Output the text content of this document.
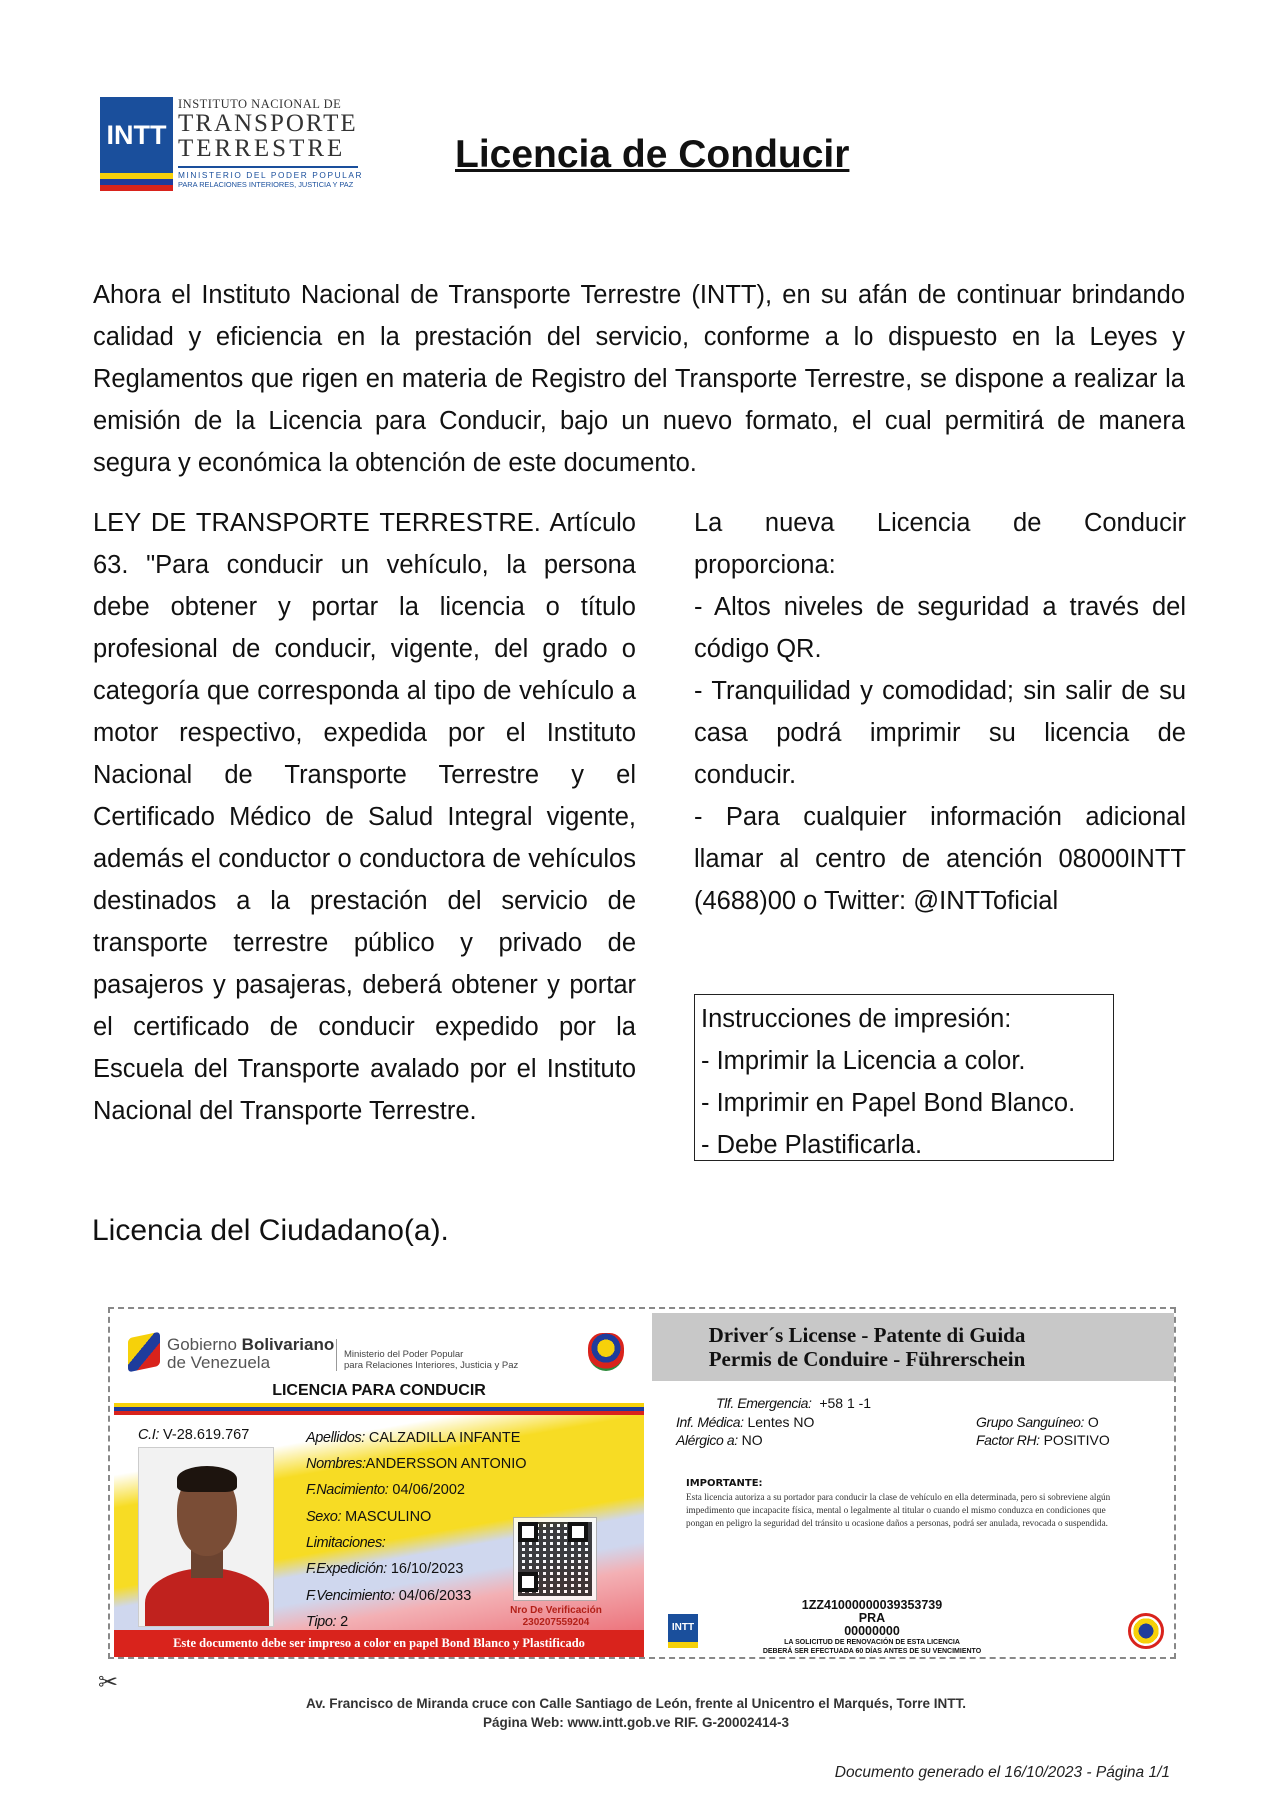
INTT
INSTITUTO NACIONAL DE
TRANSPORTE
TERRESTRE
MINISTERIO DEL PODER POPULAR
PARA RELACIONES INTERIORES, JUSTICIA Y PAZ
Licencia de Conducir

Ahora el Instituto Nacional de Transporte Terrestre (INTT), en su afán de continuar brindando calidad y eficiencia en la prestación del servicio, conforme a lo dispuesto en la Leyes y Reglamentos que rigen en materia de Registro del Transporte Terrestre, se dispone a realizar la emisión de la Licencia para Conducir, bajo un nuevo formato, el cual permitirá de manera segura y económica la obtención de este documento.

LEY DE TRANSPORTE TERRESTRE. Artículo 63. "Para conducir un vehículo, la persona debe obtener y portar la licencia o título profesional de conducir, vigente, del grado o categoría que corresponda al tipo de vehículo a motor respectivo, expedida por el Instituto Nacional de Transporte Terrestre y el Certificado Médico de Salud Integral vigente, además el conductor o conductora de vehículos destinados a la prestación del servicio de transporte terrestre público y privado de pasajeros y pasajeras, deberá obtener y portar el certificado de conducir expedido por la Escuela del Transporte avalado por el Instituto Nacional del Transporte Terrestre.

La nueva Licencia de Conducir proporciona:

- Altos niveles de seguridad a través del código QR.

- Tranquilidad y comodidad; sin salir de su casa podrá imprimir su licencia de conducir.

- Para cualquier información adicional llamar al centro de atención 08000INTT (4688)00 o Twitter: @INTToficial

Instrucciones de impresión:
- Imprimir la Licencia a color.
- Imprimir en Papel Bond Blanco.
- Debe Plastificarla.
Licencia del Ciudadano(a).
Gobierno Bolivariano
de Venezuela	Ministerio del Poder Popular
para Relaciones Interiores, Justicia y Paz
LICENCIA PARA CONDUCIR
C.I: V-28.619.767	Apellidos: CALZADILLA INFANTE
Nombres:ANDERSSON ANTONIO
F.Nacimiento: 04/06/2002
Sexo: MASCULINO
Limitaciones:
F.Expedición: 16/10/2023
F.Vencimiento: 04/06/2033
Tipo: 2
Nro De Verificación
230207559204
Este documento debe ser impreso a color en papel Bond Blanco y Plastificado
Driver´s License - Patente di Guida
Permis de Conduire - Führerschein
Tlf. Emergencia: +58 1 -1
Inf. Médica: Lentes NO
Alérgico a: NO
Grupo Sanguíneo: O
Factor RH: POSITIVO
IMPORTANTE:
Esta licencia autoriza a su portador para conducir la clase de vehículo en ella determinada, pero si sobreviene algún impedimento que incapacite física, mental o legalmente al titular o cuando el mismo conduzca en condiciones que pongan en peligro la seguridad del tránsito u ocasione daños a personas, podrá ser anulada, revocada o suspendida.
INTT
1ZZ41000000039353739
PRA
00000000
LA SOLICITUD DE RENOVACIÓN DE ESTA LICENCIA
DEBERÁ SER EFECTUADA 60 DÍAS ANTES DE SU VENCIMIENTO
✂
Av. Francisco de Miranda cruce con Calle Santiago de León, frente al Unicentro el Marqués, Torre INTT.
Página Web: www.intt.gob.ve RIF. G-20002414-3
Documento generado el 16/10/2023 - Página 1/1
